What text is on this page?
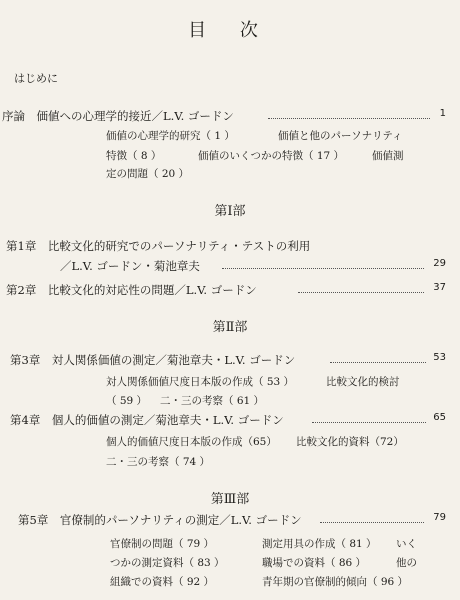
目 次
はじめに
序論　価値への心理学的接近／L.V. ゴードン	1
価値の心理学的研究（ 1 ）	価値と他のパーソナリティ
特徴（ 8 ）	価値のいくつかの特徴（ 17 ）	価値測
定の問題（ 20 ）
第Ⅰ部
第1章　比較文化的研究でのパーソナリティ・テストの利用
／L.V. ゴードン・菊池章夫	29
第2章　比較文化的対応性の問題／L.V. ゴードン	37
第Ⅱ部
第3章　対人関係価値の測定／菊池章夫・L.V. ゴードン	53
対人関係価値尺度日本版の作成（ 53 ）	比較文化的検討
（ 59 ） 二・三の考察（ 61 ）
第4章　個人的価値の測定／菊池章夫・L.V. ゴードン	65
個人的価値尺度日本版の作成（65） 比較文化的資料（72）
二・三の考察（ 74 ）
第Ⅲ部
第5章　官僚制的パーソナリティの測定／L.V. ゴードン	79
官僚制の問題（ 79 ）	測定用具の作成（ 81 ） いく
つかの測定資料（ 83 ）	職場での資料（ 86 ）	他の
組織での資料（ 92 ）	青年期の官僚制的傾向（ 96 ）
